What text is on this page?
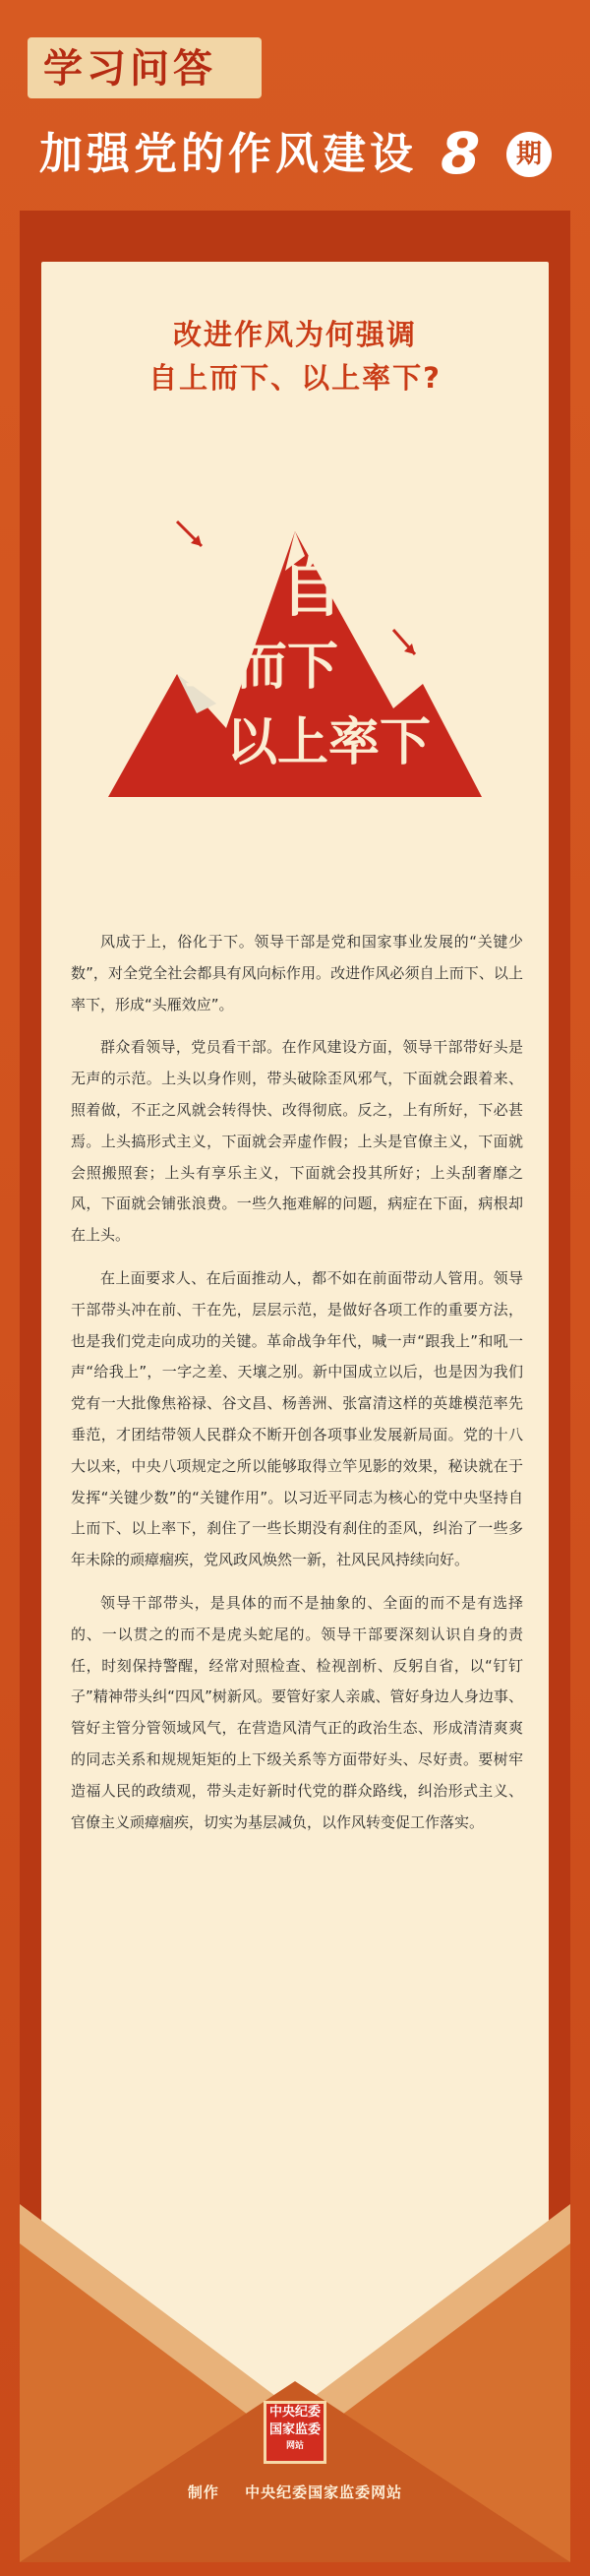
学习问答
加强党的作风建设 8	期
改进作风为何强调
自上而下、以上率下?
自
上而下
以上率下

风成于上，俗化于下。领导干部是党和国家事业发展的“关键少数”，对全党全社会都具有风向标作用。改进作风必须自上而下、以上率下，形成“头雁效应”。

群众看领导，党员看干部。在作风建设方面，领导干部带好头是无声的示范。上头以身作则，带头破除歪风邪气，下面就会跟着来、照着做，不正之风就会转得快、改得彻底。反之，上有所好，下必甚焉。上头搞形式主义，下面就会弄虚作假；上头是官僚主义，下面就会照搬照套；上头有享乐主义，下面就会投其所好；上头刮奢靡之风，下面就会铺张浪费。一些久拖难解的问题，病症在下面，病根却在上头。

在上面要求人、在后面推动人，都不如在前面带动人管用。领导干部带头冲在前、干在先，层层示范，是做好各项工作的重要方法，也是我们党走向成功的关键。革命战争年代，喊一声“跟我上”和吼一声“给我上”，一字之差、天壤之别。新中国成立以后，也是因为我们党有一大批像焦裕禄、谷文昌、杨善洲、张富清这样的英雄模范率先垂范，才团结带领人民群众不断开创各项事业发展新局面。党的十八大以来，中央八项规定之所以能够取得立竿见影的效果，秘诀就在于发挥“关键少数”的“关键作用”。以习近平同志为核心的党中央坚持自上而下、以上率下，刹住了一些长期没有刹住的歪风，纠治了一些多年未除的顽瘴痼疾，党风政风焕然一新，社风民风持续向好。

领导干部带头，是具体的而不是抽象的、全面的而不是有选择的、一以贯之的而不是虎头蛇尾的。领导干部要深刻认识自身的责任，时刻保持警醒，经常对照检查、检视剖析、反躬自省，以“钉钉子”精神带头纠“四风”树新风。要管好家人亲戚、管好身边人身边事、管好主管分管领域风气，在营造风清气正的政治生态、形成清清爽爽的同志关系和规规矩矩的上下级关系等方面带好头、尽好责。要树牢造福人民的政绩观，带头走好新时代党的群众路线，纠治形式主义、官僚主义顽瘴痼疾，切实为基层减负，以作风转变促工作落实。

中央纪委
国家监委
网站
制作 中央纪委国家监委网站
